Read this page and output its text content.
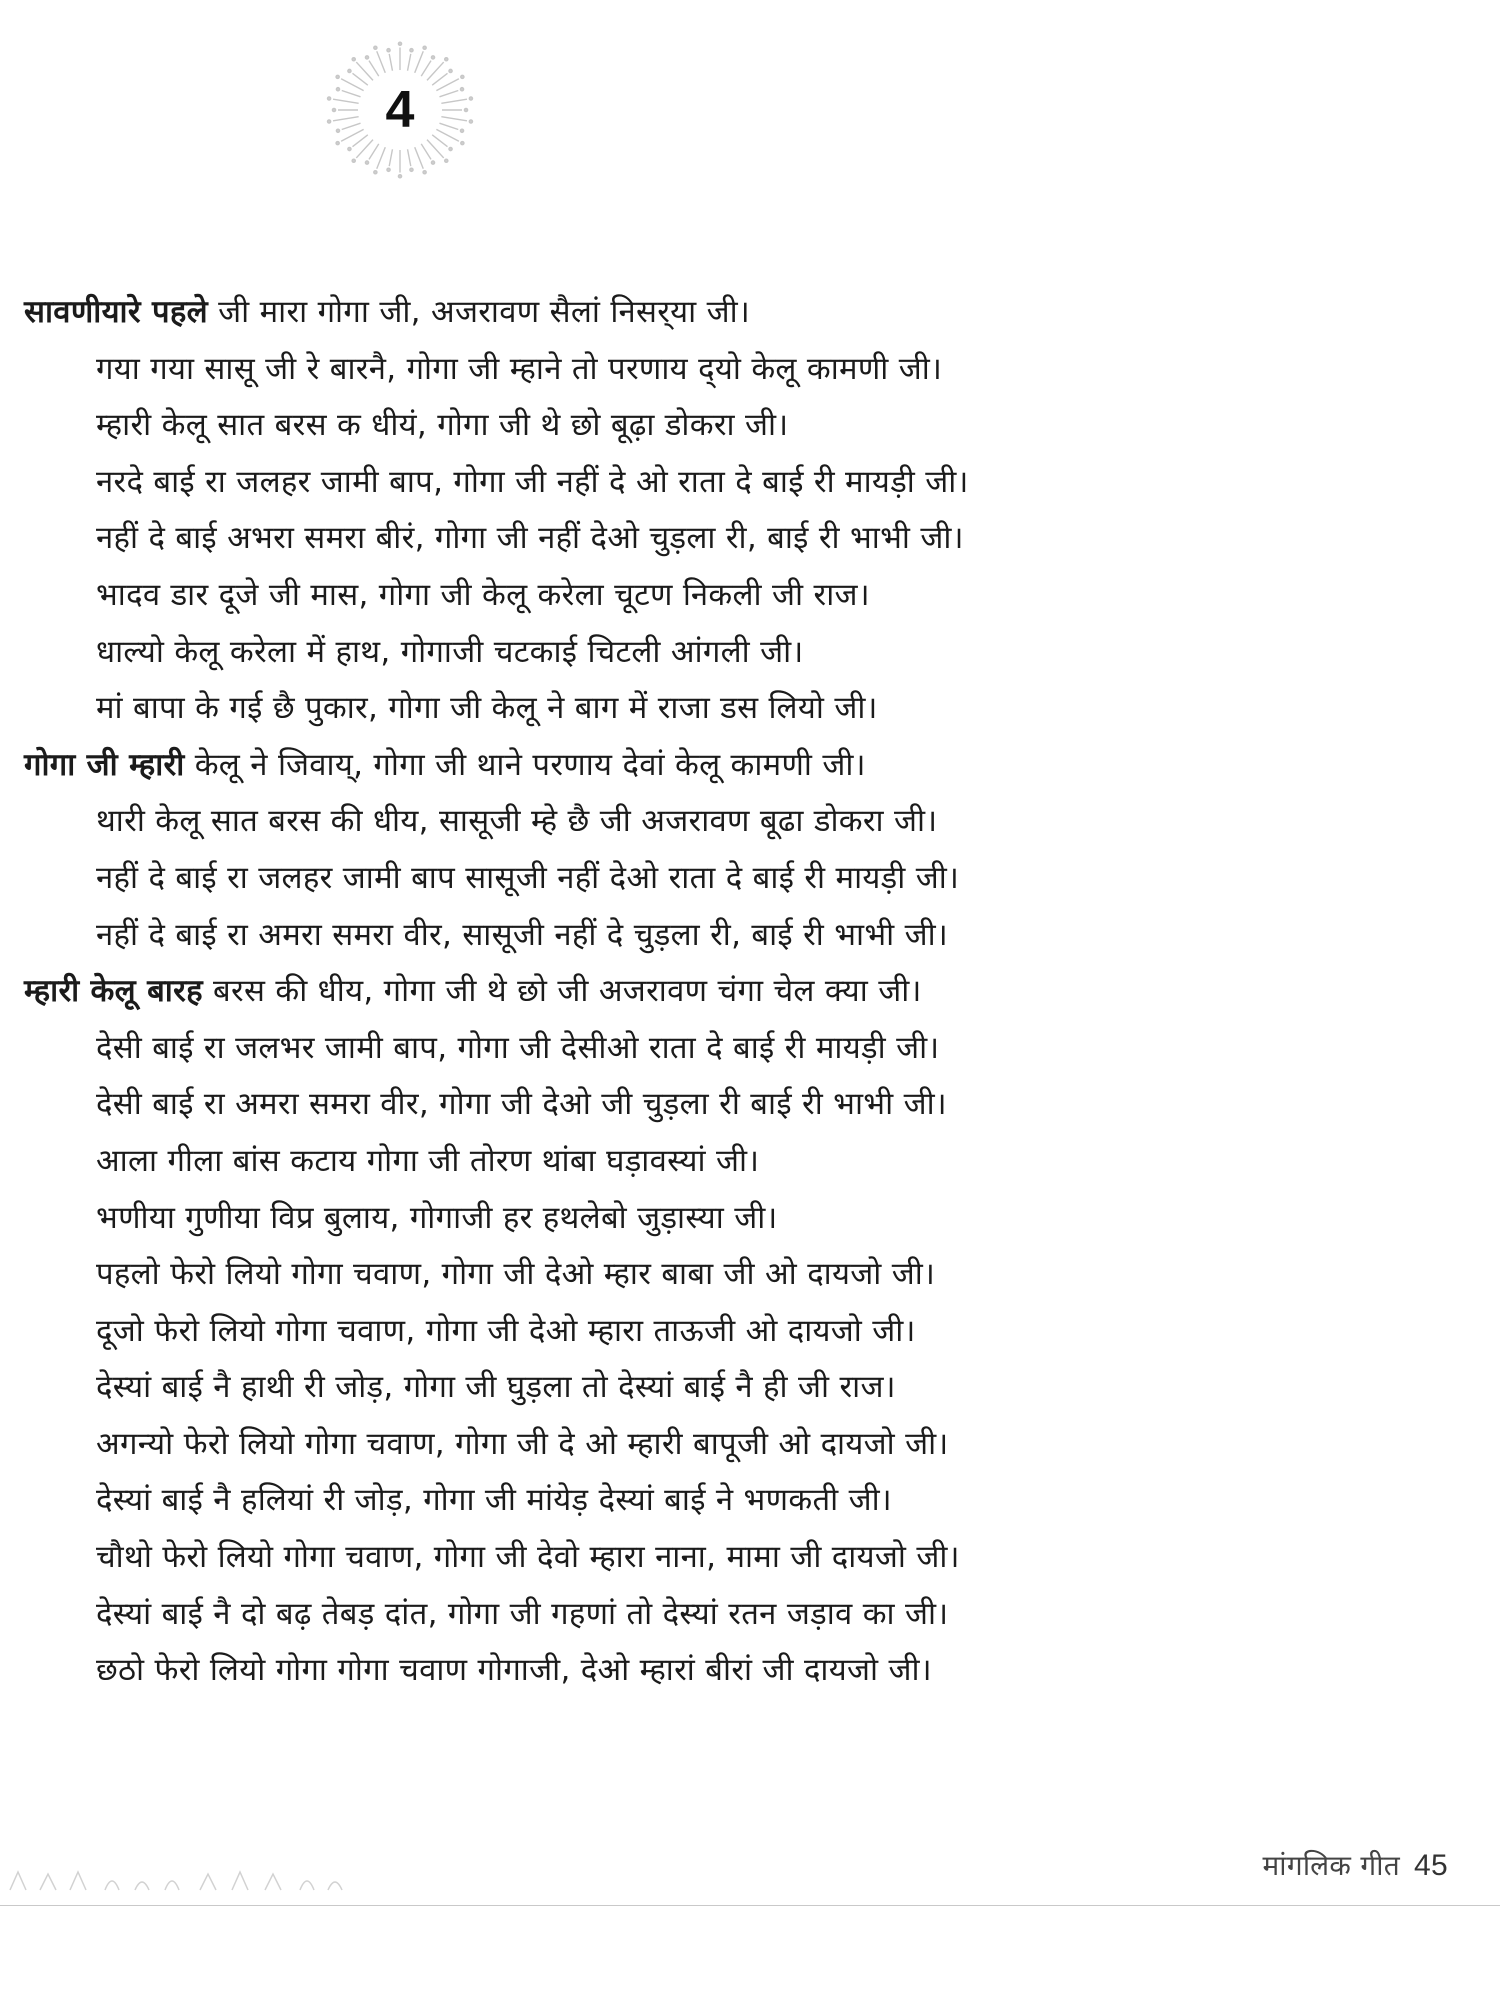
4
सावणीयारे पहले जी मारा गोगा जी, अजरावण सैलां निसर्‌या जी।
गया गया सासू जी रे बारनै, गोगा जी म्हाने तो परणाय द्‌यो केलू कामणी जी।
म्हारी केलू सात बरस क धीयं, गोगा जी थे छो बूढ़ा डोकरा जी।
नरदे बाई रा जलहर जामी बाप, गोगा जी नहीं दे ओ राता दे बाई री मायड़ी जी।
नहीं दे बाई अभरा समरा बीरं, गोगा जी नहीं देओ चुड़ला री, बाई री भाभी जी।
भादव डार दूजे जी मास, गोगा जी केलू करेला चूटण निकली जी राज।
धाल्यो केलू करेला में हाथ, गोगाजी चटकाई चिटली आंगली जी।
मां बापा के गई छै पुकार, गोगा जी केलू ने बाग में राजा डस लियो जी।
गोगा जी म्हारी केलू ने जिवाय्, गोगा जी थाने परणाय देवां केलू कामणी जी।
थारी केलू सात बरस की धीय, सासूजी म्हे छै जी अजरावण बूढा डोकरा जी।
नहीं दे बाई रा जलहर जामी बाप सासूजी नहीं देओ राता दे बाई री मायड़ी जी।
नहीं दे बाई रा अमरा समरा वीर, सासूजी नहीं दे चुड़ला री, बाई री भाभी जी।
म्हारी केलू बारह बरस की धीय, गोगा जी थे छो जी अजरावण चंगा चेल क्या जी।
देसी बाई रा जलभर जामी बाप, गोगा जी देसीओ राता दे बाई री मायड़ी जी।
देसी बाई रा अमरा समरा वीर, गोगा जी देओ जी चुड़ला री बाई री भाभी जी।
आला गीला बांस कटाय गोगा जी तोरण थांबा घड़ावस्यां जी।
भणीया गुणीया विप्र बुलाय, गोगाजी हर हथलेबो जुड़ास्या जी।
पहलो फेरो लियो गोगा चवाण, गोगा जी देओ म्हार बाबा जी ओ दायजो जी।
दूजो फेरो लियो गोगा चवाण, गोगा जी देओ म्हारा ताऊजी ओ दायजो जी।
देस्यां बाई नै हाथी री जोड़, गोगा जी घुड़ला तो देस्यां बाई नै ही जी राज।
अगन्यो फेरो लियो गोगा चवाण, गोगा जी दे ओ म्हारी बापूजी ओ दायजो जी।
देस्यां बाई नै हलियां री जोड़, गोगा जी मांयेड़ देस्यां बाई ने भणकती जी।
चौथो फेरो लियो गोगा चवाण, गोगा जी देवो म्हारा नाना, मामा जी दायजो जी।
देस्यां बाई नै दो बढ़ तेबड़ दांत, गोगा जी गहणां तो देस्यां रतन जड़ाव का जी।
छठो फेरो लियो गोगा गोगा चवाण गोगाजी, देओ म्हारां बीरां जी दायजो जी।
मांगलिक गीत 45
